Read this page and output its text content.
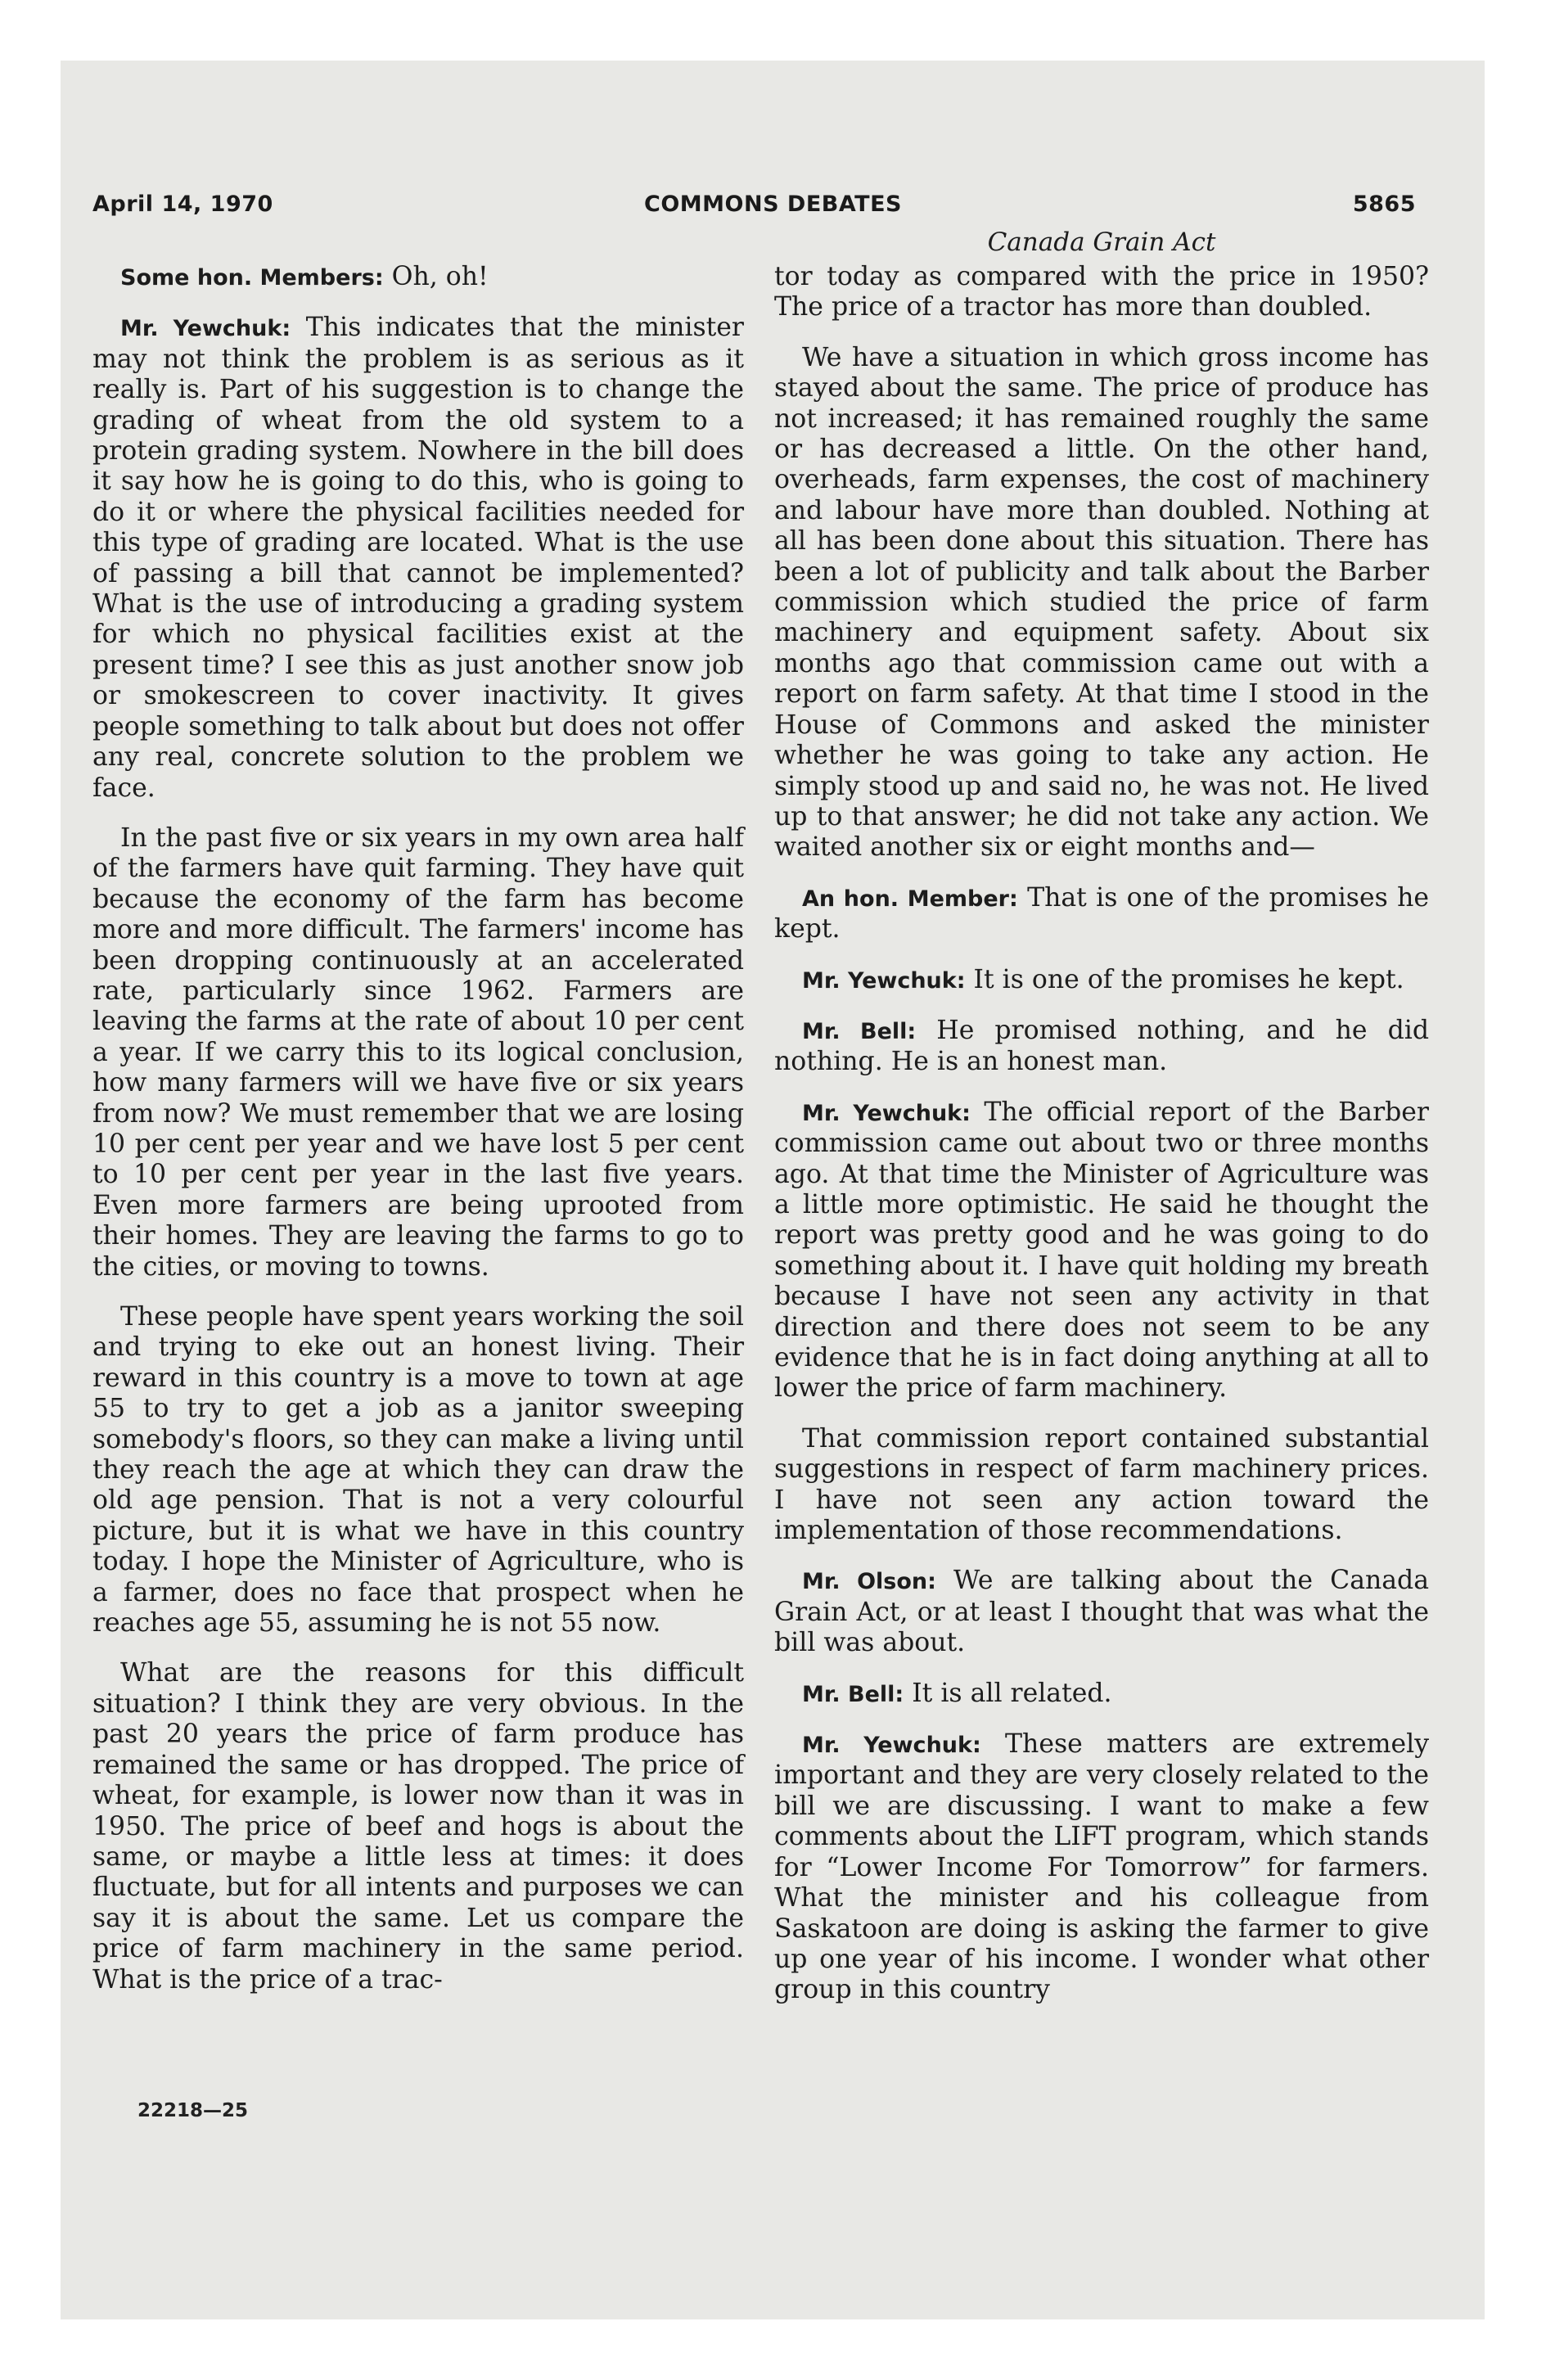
April 14, 1970	COMMONS DEBATES	5865

Some hon. Members: Oh, oh!

Mr. Yewchuk: This indicates that the minister may not think the problem is as serious as it really is. Part of his suggestion is to change the grading of wheat from the old system to a protein grading system. Nowhere in the bill does it say how he is going to do this, who is going to do it or where the physical facilities needed for this type of grading are located. What is the use of passing a bill that cannot be implemented? What is the use of introducing a grading system for which no physical facilities exist at the present time? I see this as just another snow job or smokescreen to cover inactivity. It gives people something to talk about but does not offer any real, concrete solution to the problem we face.

In the past five or six years in my own area half of the farmers have quit farming. They have quit because the economy of the farm has become more and more difficult. The farmers' income has been dropping continuously at an accelerated rate, particularly since 1962. Farmers are leaving the farms at the rate of about 10 per cent a year. If we carry this to its logical conclusion, how many farmers will we have five or six years from now? We must remember that we are losing 10 per cent per year and we have lost 5 per cent to 10 per cent per year in the last five years. Even more farmers are being uprooted from their homes. They are leaving the farms to go to the cities, or moving to towns.

These people have spent years working the soil and trying to eke out an honest living. Their reward in this country is a move to town at age 55 to try to get a job as a janitor sweeping somebody's floors, so they can make a living until they reach the age at which they can draw the old age pension. That is not a very colourful picture, but it is what we have in this country today. I hope the Minister of Agriculture, who is a farmer, does no face that prospect when he reaches age 55, assuming he is not 55 now.

What are the reasons for this difficult situation? I think they are very obvious. In the past 20 years the price of farm produce has remained the same or has dropped. The price of wheat, for example, is lower now than it was in 1950. The price of beef and hogs is about the same, or maybe a little less at times: it does fluctuate, but for all intents and purposes we can say it is about the same. Let us compare the price of farm machinery in the same period. What is the price of a trac-

Canada Grain Act

tor today as compared with the price in 1950? The price of a tractor has more than doubled.

We have a situation in which gross income has stayed about the same. The price of produce has not increased; it has remained roughly the same or has decreased a little. On the other hand, overheads, farm expenses, the cost of machinery and labour have more than doubled. Nothing at all has been done about this situation. There has been a lot of publicity and talk about the Barber commission which studied the price of farm machinery and equipment safety. About six months ago that commission came out with a report on farm safety. At that time I stood in the House of Commons and asked the minister whether he was going to take any action. He simply stood up and said no, he was not. He lived up to that answer; he did not take any action. We waited another six or eight months and—

An hon. Member: That is one of the promises he kept.

Mr. Yewchuk: It is one of the promises he kept.

Mr. Bell: He promised nothing, and he did nothing. He is an honest man.

Mr. Yewchuk: The official report of the Barber commission came out about two or three months ago. At that time the Minister of Agriculture was a little more optimistic. He said he thought the report was pretty good and he was going to do something about it. I have quit holding my breath because I have not seen any activity in that direction and there does not seem to be any evidence that he is in fact doing anything at all to lower the price of farm machinery.

That commission report contained substantial suggestions in respect of farm machinery prices. I have not seen any action toward the implementation of those recommendations.

Mr. Olson: We are talking about the Canada Grain Act, or at least I thought that was what the bill was about.

Mr. Bell: It is all related.

Mr. Yewchuk: These matters are extremely important and they are very closely related to the bill we are discussing. I want to make a few comments about the LIFT program, which stands for “Lower Income For Tomorrow” for farmers. What the minister and his colleague from Saskatoon are doing is asking the farmer to give up one year of his income. I wonder what other group in this country

22218—25
